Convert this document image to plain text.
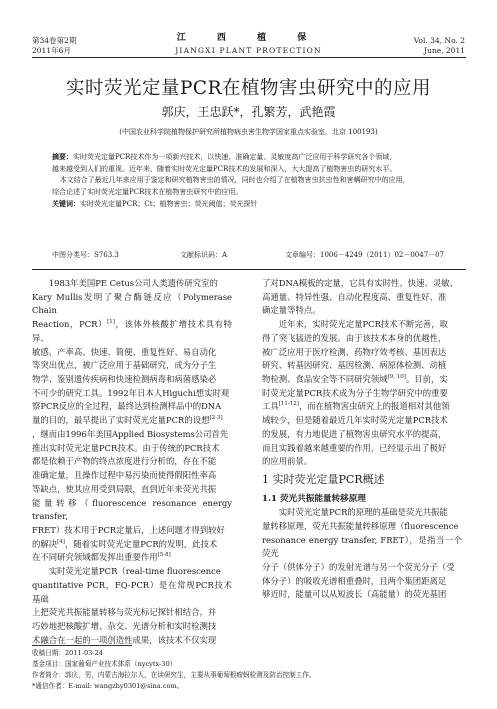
第34卷第2期
2011年6月
江 西 植 保
JIANGXI PLANT PROTECTION
Vol. 34, No. 2
June, 2011
实时荧光定量PCR在植物害虫研究中的应用
郭庆，王忠跃*，孔繁芳，武艳霞
(中国农业科学院植物保护研究所植物病虫害生物学国家重点实验室，北京 100193)

摘要：实时荧光定量PCR技术作为一项新兴技术，以快速、准确定量、灵敏度高广泛应用于科学研究各个领域，

越来越受到人们的重视。近年来，随着实时荧光定量PCR技术的发展和深入，大大提高了植物害虫的研究水平。

本文结合了最近几年来应用于鉴定和研究植物害虫的情况，同时也介绍了在植物害虫抗虫性和害螨研究中的应用，

综合论述了实时荧光定量PCR技术在植物害虫研究中的应用。

关键词：实时荧光定量PCR；Ct；植物害虫；荧光阈值；荧光探针

中图分类号：S763.3	文献标识码：A	文章编号：1006－4249（2011）02－0047－07

1983年美国PE Cetus公司人类遗传研究室的

Kary Mullis发明了聚合酶链反应（Polymerase Chain

Reaction，PCR）[1]，该体外核酸扩增技术具有特异、

敏感、产率高、快速、简便、重复性好、易自动化

等突出优点，被广泛应用于基础研究，成为分子生

物学、鉴别遗传疾病和快速检测病毒和病菌感染必

不可少的研究工具。1992年日本人Higuchi想实时观

察PCR反应的全过程，最终达到检测样品中的DNA

量的目的，最早提出了实时荧光定量PCR的设想[2-3]

，继而由1996年美国Applied Biosystems公司首先

推出实时荧光定量PCR技术。由于传统的PCR技术

都是依赖于产物的终点浓度进行分析的，存在不能

准确定量，且操作过程中易污染而使得假阳性率高

等缺点，使其应用受到局限，直到近年来荧光共振

能量转移（fluorescence resonance energy transfer,

FRET）技术用于PCR定量后，上述问题才得到较好

的解决[4]，随着实时荧光定量PCR的发明，此技术

在不同研究领域都发挥出重要作用[5-8]

实时荧光定量PCR（real-time fluorescence

quantitative PCR，FQ-PCR）是在常规PCR技术基础

上把荧光共振能量转移与荧光标记探针相结合，并

巧妙地把核酸扩增、杂交、光谱分析和实时检测技

术融合在一起的一项创造性成果，该技术不仅实现

了对DNA模板的定量，它具有实时性、快速、灵敏、

高通量、特异性强、自动化程度高、重复性好、准

确定量等特点。

近年来，实时荧光定量PCR技术不断完善，取

得了突飞猛进的发展。由于该技术本身的优越性，

被广泛应用于医疗检测、药物疗效考核、基因表达

研究、转基因研究、基因检测、病原体检测、动植

物检测、食品安全等不同研究领域[9, 10]。目前，实

时荧光定量PCR技术成为分子生物学研究中的重要

工具[11-12]，而在植物害虫研究上的报道相对其他领

域较少，但是随着最近几年实时荧光定量PCR技术

的发展，有力地促进了植物害虫研究水平的提高，

而且实践着越来越重要的作用，已经显示出了极好

的应用前景。

1 实时荧光定量PCR概述
1.1 荧光共振能量转移原理

实时荧光定量PCR的原理的基础是荧光共振能

量转移原理，荧光共振能量转移原理（fluorescence

resonance energy transfer, FRET），是指当一个荧光

分子（供体分子）的发射光谱与另一个荧光分子（受

体分子）的吸收光谱相重叠时，且两个集团距离足

够近时，能量可以从短波长（高能量）的荧光基团

收稿日期：2011-03-24

基金项目：国家葡萄产业技术体系（nycytx-30）

作者简介：郭庆，男，内蒙古海拉尔人，在读研究生，主要从事葡萄根瘤蚜检测及防治控制工作。

*通信作者：E-mail: wangzhy0301@sina.com。
